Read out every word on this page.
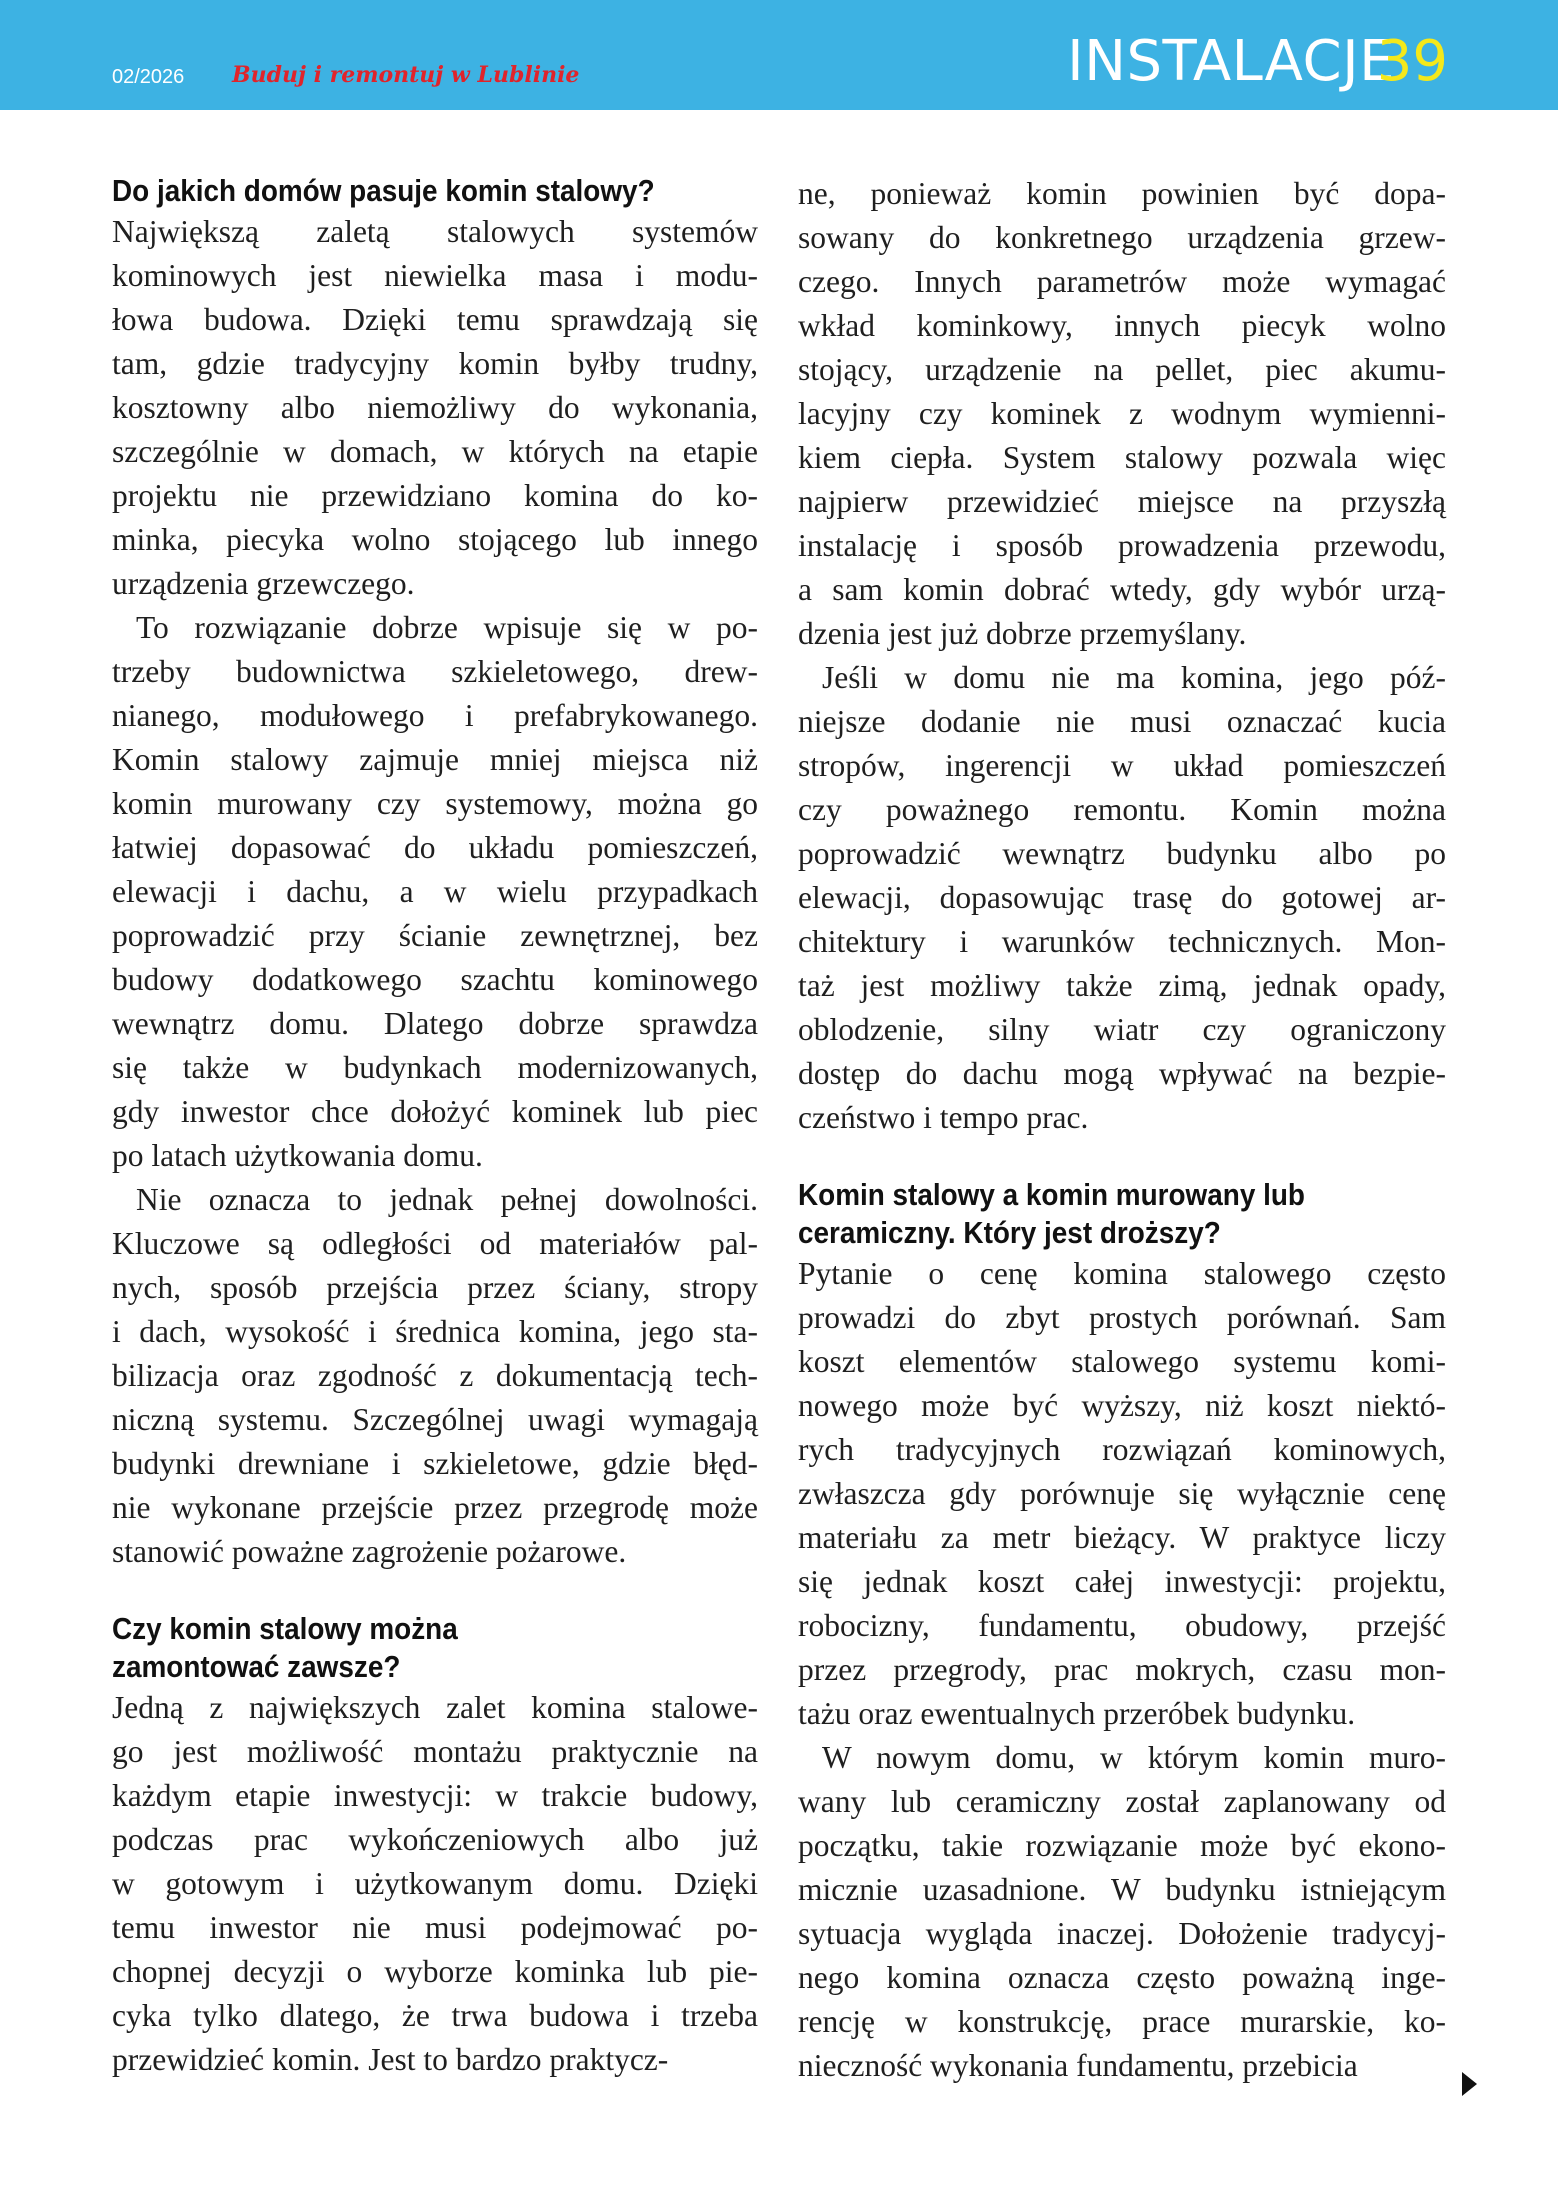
02/2026 Buduj i remontuj w Lublinie	INSTALACJE
39
Do jakich domów pasuje komin stalowy?

Największą zaletą stalowych systemów
kominowych jest niewielka masa i modu-
łowa budowa. Dzięki temu sprawdzają się
tam, gdzie tradycyjny komin byłby trudny,
kosztowny albo niemożliwy do wykonania,
szczególnie w domach, w których na etapie
projektu nie przewidziano komina do ko-
minka, piecyka wolno stojącego lub innego
urządzenia grzewczego.

To rozwiązanie dobrze wpisuje się w po-
trzeby budownictwa szkieletowego, drew-
nianego, modułowego i prefabrykowanego.
Komin stalowy zajmuje mniej miejsca niż
komin murowany czy systemowy, można go
łatwiej dopasować do układu pomieszczeń,
elewacji i dachu, a w wielu przypadkach
poprowadzić przy ścianie zewnętrznej, bez
budowy dodatkowego szachtu kominowego
wewnątrz domu. Dlatego dobrze sprawdza
się także w budynkach modernizowanych,
gdy inwestor chce dołożyć kominek lub piec
po latach użytkowania domu.

Nie oznacza to jednak pełnej dowolności.
Kluczowe są odległości od materiałów pal-
nych, sposób przejścia przez ściany, stropy
i dach, wysokość i średnica komina, jego sta-
bilizacja oraz zgodność z dokumentacją tech-
niczną systemu. Szczególnej uwagi wymagają
budynki drewniane i szkieletowe, gdzie błęd-
nie wykonane przejście przez przegrodę może
stanowić poważne zagrożenie pożarowe.

Czy komin stalowy można
zamontować zawsze?

Jedną z największych zalet komina stalowe-
go jest możliwość montażu praktycznie na
każdym etapie inwestycji: w trakcie budowy,
podczas prac wykończeniowych albo już
w gotowym i użytkowanym domu. Dzięki
temu inwestor nie musi podejmować po-
chopnej decyzji o wyborze kominka lub pie-
cyka tylko dlatego, że trwa budowa i trzeba
przewidzieć komin. Jest to bardzo praktycz-

ne, ponieważ komin powinien być dopa-
sowany do konkretnego urządzenia grzew-
czego. Innych parametrów może wymagać
wkład kominkowy, innych piecyk wolno
stojący, urządzenie na pellet, piec akumu-
lacyjny czy kominek z wodnym wymienni-
kiem ciepła. System stalowy pozwala więc
najpierw przewidzieć miejsce na przyszłą
instalację i sposób prowadzenia przewodu,
a sam komin dobrać wtedy, gdy wybór urzą-
dzenia jest już dobrze przemyślany.

Jeśli w domu nie ma komina, jego póź-
niejsze dodanie nie musi oznaczać kucia
stropów, ingerencji w układ pomieszczeń
czy poważnego remontu. Komin można
poprowadzić wewnątrz budynku albo po
elewacji, dopasowując trasę do gotowej ar-
chitektury i warunków technicznych. Mon-
taż jest możliwy także zimą, jednak opady,
oblodzenie, silny wiatr czy ograniczony
dostęp do dachu mogą wpływać na bezpie-
czeństwo i tempo prac.

Komin stalowy a komin murowany lub
ceramiczny. Który jest droższy?

Pytanie o cenę komina stalowego często
prowadzi do zbyt prostych porównań. Sam
koszt elementów stalowego systemu komi-
nowego może być wyższy, niż koszt niektó-
rych tradycyjnych rozwiązań kominowych,
zwłaszcza gdy porównuje się wyłącznie cenę
materiału za metr bieżący. W praktyce liczy
się jednak koszt całej inwestycji: projektu,
robocizny, fundamentu, obudowy, przejść
przez przegrody, prac mokrych, czasu mon-
tażu oraz ewentualnych przeróbek budynku.

W nowym domu, w którym komin muro-
wany lub ceramiczny został zaplanowany od
początku, takie rozwiązanie może być ekono-
micznie uzasadnione. W budynku istniejącym
sytuacja wygląda inaczej. Dołożenie tradycyj-
nego komina oznacza często poważną inge-
rencję w konstrukcję, prace murarskie, ko-
nieczność wykonania fundamentu, przebicia
